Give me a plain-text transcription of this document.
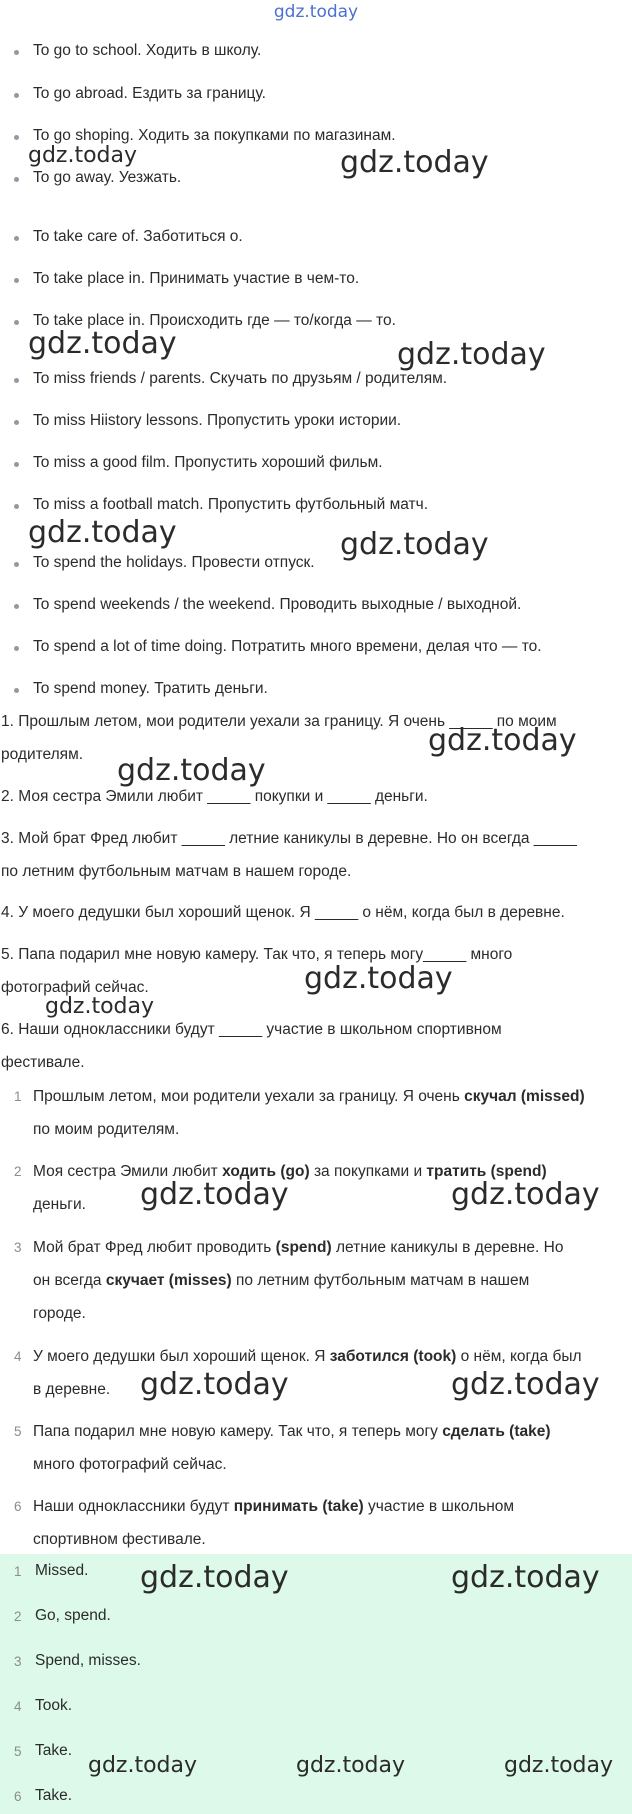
gdz.today
To go to school. Ходить в школу.
To go abroad. Ездить за границу.
To go shoping. Ходить за покупками по магазинам.
To go away. Уезжать.
To take care of. Заботиться о.
To take place in. Принимать участие в чем-то.
To take place in. Происходить где — то/когда — то.
To miss friends / parents. Скучать по друзьям / родителям.
To miss Hiistory lessons. Пропустить уроки истории.
To miss a good film. Пропустить хороший фильм.
To miss a football match. Пропустить футбольный матч.
To spend the holidays. Провести отпуск.
To spend weekends / the weekend. Проводить выходные / выходной.
To spend a lot of time doing. Потратить много времени, делая что — то.
To spend money. Тратить деньги.
1. Прошлым летом, мои родители уехали за границу. Я очень _____ по моим
родителям.
2. Моя сестра Эмили любит _____ покупки и _____ деньги.
3. Мой брат Фред любит _____ летние каникулы в деревне. Но он всегда _____
по летним футбольным матчам в нашем городе.
4. У моего дедушки был хороший щенок. Я _____ о нём, когда был в деревне.
5. Папа подарил мне новую камеру. Так что, я теперь могу_____ много
фотографий сейчас.
6. Наши одноклассники будут _____ участие в школьном спортивном
фестивале.
1 Прошлым летом, мои родители уехали за границу. Я очень скучал (missed)
по моим родителям.
2 Моя сестра Эмили любит ходить (go) за покупками и тратить (spend)
деньги.
3 Мой брат Фред любит проводить (spend) летние каникулы в деревне. Но
он всегда скучает (misses) по летним футбольным матчам в нашем
городе.
4 У моего дедушки был хороший щенок. Я заботился (took) о нём, когда был
в деревне.
5 Папа подарил мне новую камеру. Так что, я теперь могу сделать (take)
много фотографий сейчас.
6 Наши одноклассники будут принимать (take) участие в школьном
спортивном фестивале.
1 Missed.
2 Go, spend.
3 Spend, misses.
4 Took.
5 Take.
6 Take.
gdz.today	gdz.today
gdz.today	gdz.today
gdz.today	gdz.today
gdz.today
gdz.today
gdz.today
gdz.today
gdz.today	gdz.today
gdz.today	gdz.today
gdz.today	gdz.today
gdz.today	gdz.today	gdz.today
